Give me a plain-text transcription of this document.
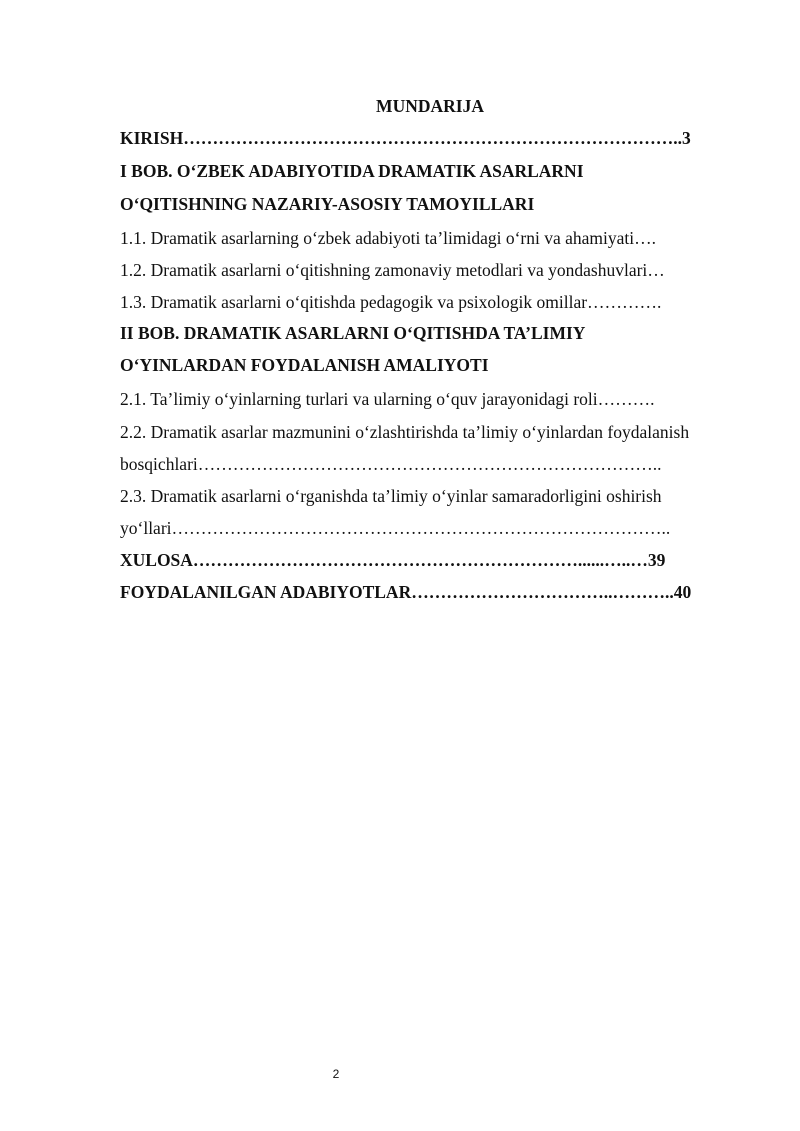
MUNDARIJA
KIRISH…………………………………………………………………………..3
I BOB. O‘ZBEK ADABIYOTIDA DRAMATIK ASARLARNI
O‘QITISHNING NAZARIY-ASOSIY TAMOYILLARI
1.1. Dramatik asarlarning o‘zbek adabiyoti ta’limidagi o‘rni va ahamiyati….
1.2. Dramatik asarlarni o‘qitishning zamonaviy metodlari va yondashuvlari…
1.3. Dramatik asarlarni o‘qitishda pedagogik va psixologik omillar………….
II BOB. DRAMATIK ASARLARNI O‘QITISHDA TA’LIMIY
O‘YINLARDAN FOYDALANISH AMALIYOTI
2.1. Ta’limiy o‘yinlarning turlari va ularning o‘quv jarayonidagi roli……….
2.2. Dramatik asarlar mazmunini o‘zlashtirishda ta’limiy o‘yinlardan foydalanish
bosqichlari……………………………………………………………………..
2.3. Dramatik asarlarni o‘rganishda ta’limiy o‘yinlar samaradorligini oshirish
yo‘llari…………………………………………………………………………..
XULOSA…………………………………………………………......…..…39
FOYDALANILGAN ADABIYOTLAR……………………………..………..40
2
